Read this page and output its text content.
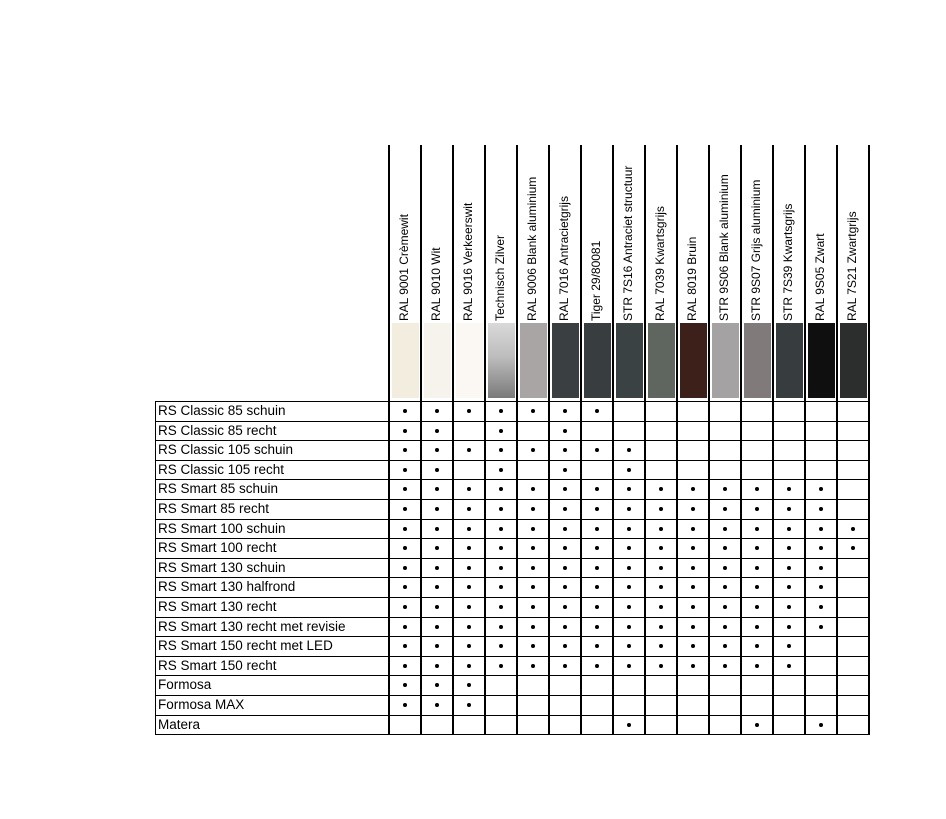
RAL 9001 Crèmewit RAL 9010 Wit RAL 9016 Verkeerswit Technisch Zilver RAL 9006 Blank aluminium RAL 7016 Antracietgrijs Tiger 29/80081 STR 7S16 Antraciet structuur RAL 7039 Kwartsgrijs RAL 8019 Bruin STR 9S06 Blank aluminium STR 9S07 Grijs aluminium STR 7S39 Kwartsgrijs RAL 9S05 Zwart RAL 7S21 Zwartgrijs
RS Classic 85 schuin
RS Classic 85 recht
RS Classic 105 schuin
RS Classic 105 recht
RS Smart 85 schuin
RS Smart 85 recht
RS Smart 100 schuin
RS Smart 100 recht
RS Smart 130 schuin
RS Smart 130 halfrond
RS Smart 130 recht
RS Smart 130 recht met revisie
RS Smart 150 recht met LED
RS Smart 150 recht
Formosa
Formosa MAX
Matera
